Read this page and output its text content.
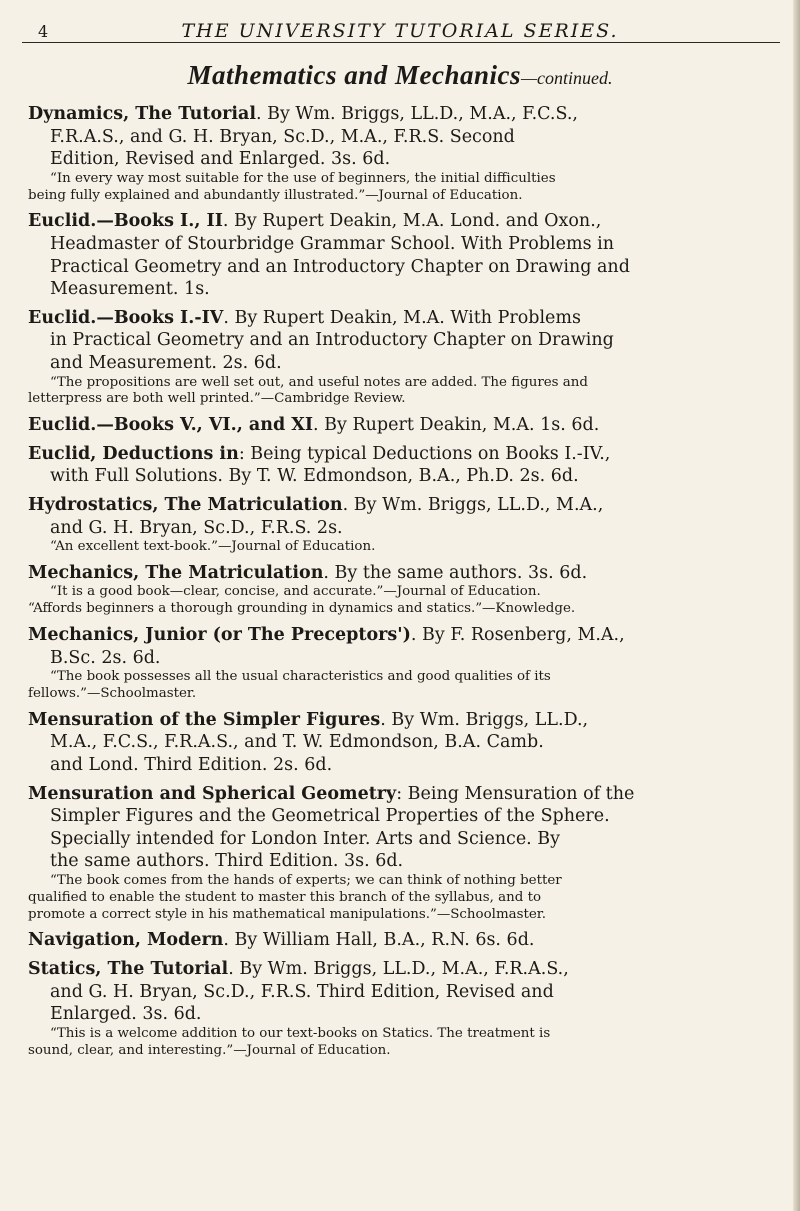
4	THE UNIVERSITY TUTORIAL SERIES.
Mathematics and Mechanics—continued.
Dynamics, The Tutorial. By Wm. Briggs, LL.D., M.A., F.C.S.,
F.R.A.S., and G. H. Bryan, Sc.D., M.A., F.R.S. Second
Edition, Revised and Enlarged. 3s. 6d.
“In every way most suitable for the use of beginners, the initial difficulties
being fully explained and abundantly illustrated.”—Journal of Education.
Euclid.—Books I., II. By Rupert Deakin, M.A. Lond. and Oxon.,
Headmaster of Stourbridge Grammar School. With Problems in
Practical Geometry and an Introductory Chapter on Drawing and
Measurement. 1s.
Euclid.—Books I.-IV. By Rupert Deakin, M.A. With Problems
in Practical Geometry and an Introductory Chapter on Drawing
and Measurement. 2s. 6d.
“The propositions are well set out, and useful notes are added. The figures and
letterpress are both well printed.”—Cambridge Review.
Euclid.—Books V., VI., and XI. By Rupert Deakin, M.A. 1s. 6d.
Euclid, Deductions in: Being typical Deductions on Books I.-IV.,
with Full Solutions. By T. W. Edmondson, B.A., Ph.D. 2s. 6d.
Hydrostatics, The Matriculation. By Wm. Briggs, LL.D., M.A.,
and G. H. Bryan, Sc.D., F.R.S. 2s.
“An excellent text-book.”—Journal of Education.
Mechanics, The Matriculation. By the same authors. 3s. 6d.
“It is a good book—clear, concise, and accurate.”—Journal of Education.
“Affords beginners a thorough grounding in dynamics and statics.”—Knowledge.
Mechanics, Junior (or The Preceptors'). By F. Rosenberg, M.A.,
B.Sc. 2s. 6d.
“The book possesses all the usual characteristics and good qualities of its
fellows.”—Schoolmaster.
Mensuration of the Simpler Figures. By Wm. Briggs, LL.D.,
M.A., F.C.S., F.R.A.S., and T. W. Edmondson, B.A. Camb.
and Lond. Third Edition. 2s. 6d.
Mensuration and Spherical Geometry: Being Mensuration of the
Simpler Figures and the Geometrical Properties of the Sphere.
Specially intended for London Inter. Arts and Science. By
the same authors. Third Edition. 3s. 6d.
“The book comes from the hands of experts; we can think of nothing better
qualified to enable the student to master this branch of the syllabus, and to
promote a correct style in his mathematical manipulations.”—Schoolmaster.
Navigation, Modern. By William Hall, B.A., R.N. 6s. 6d.
Statics, The Tutorial. By Wm. Briggs, LL.D., M.A., F.R.A.S.,
and G. H. Bryan, Sc.D., F.R.S. Third Edition, Revised and
Enlarged. 3s. 6d.
“This is a welcome addition to our text-books on Statics. The treatment is
sound, clear, and interesting.”—Journal of Education.
